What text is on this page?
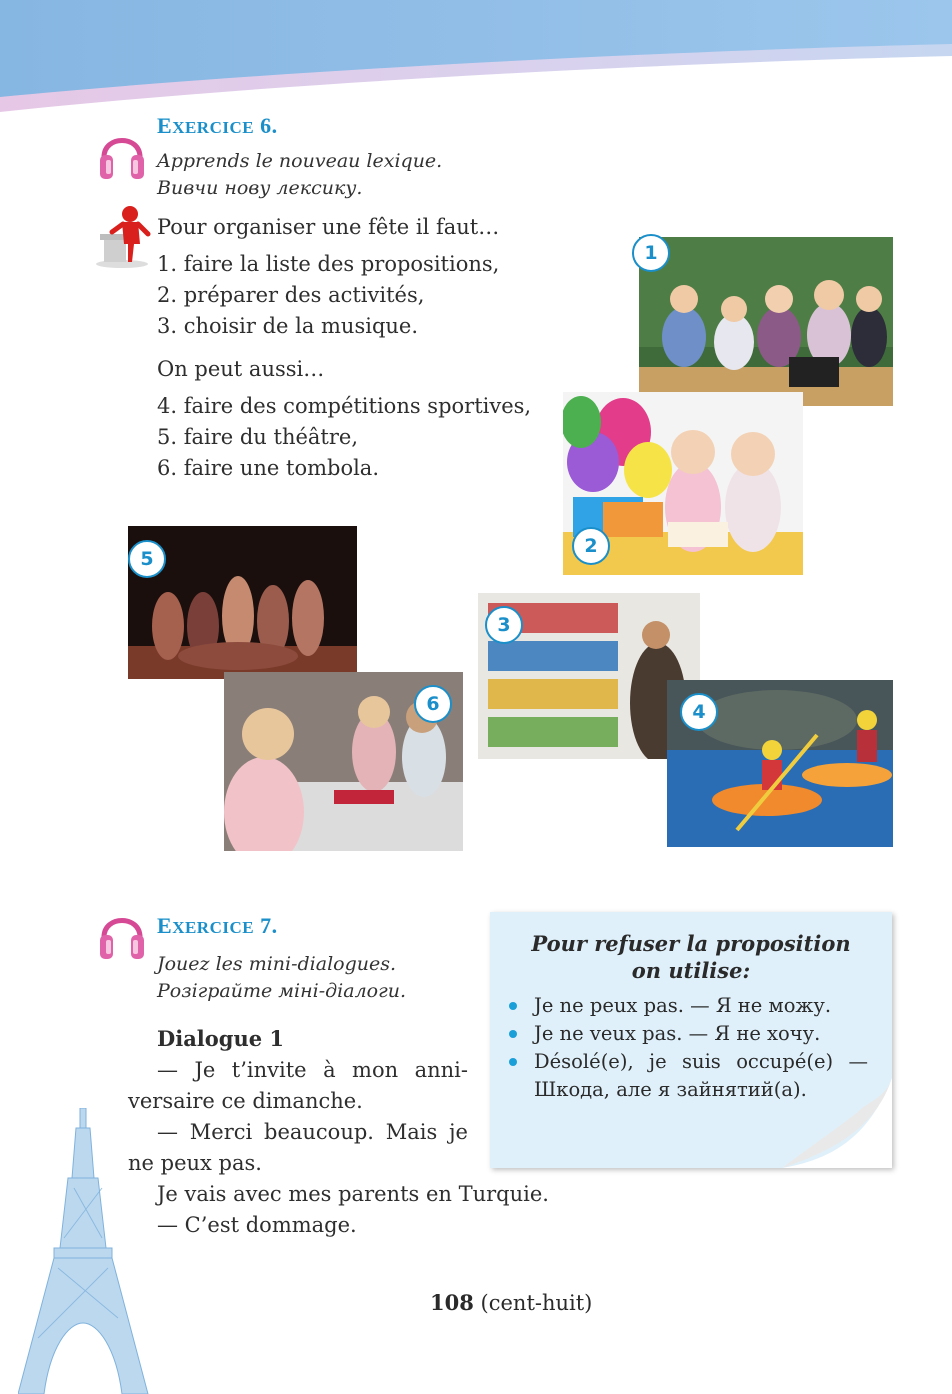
EXERCICE 6.
Apprends le nouveau lexique.
Вивчи нову лексику.
Pour organiser une fête il faut…
1. faire la liste des propositions,
2. préparer des activités,
3. choisir de la musique.
On peut aussi…
4. faire des compétitions sportives,
5. faire du théâtre,
6. faire une tombola.
1
2
5
3
6	4
EXERCICE 7.
Jouez les mini-dialogues.
Розіграйте міні-діалоги.
Dialogue 1
— Je t’invite à mon anni-
versaire ce dimanche.
— Merci beaucoup. Mais je
ne peux pas.
Je vais avec mes parents en Turquie.
— C’est dommage.
Pour refuser la proposition
on utilise:
Je ne peux pas. — Я не можу.
Je ne veux pas. — Я не хочу.
Désolé(e), je suis occupé(e) —
Шкода, але я зайнятий(а).
108 (cent-huit)
